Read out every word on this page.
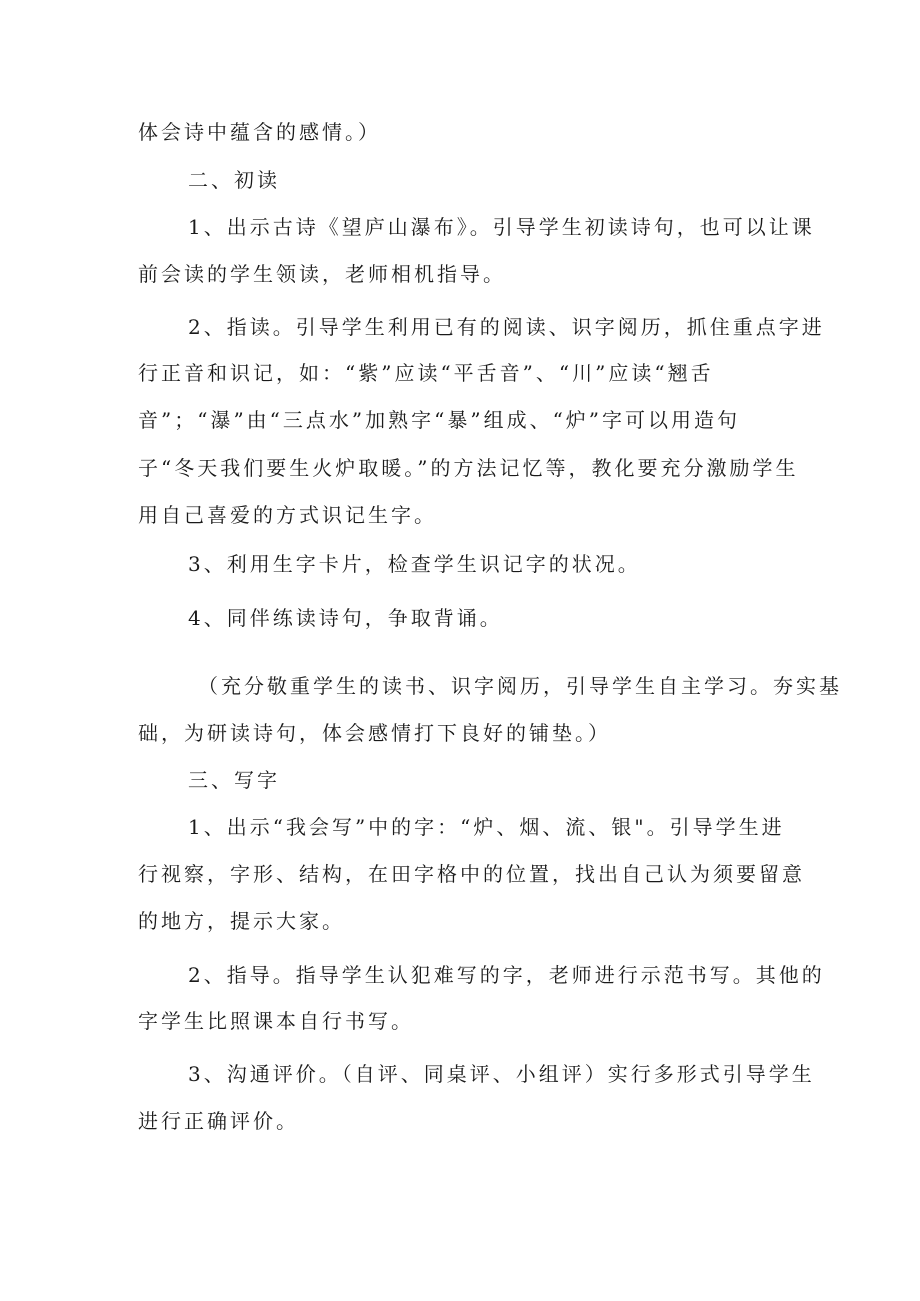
体会诗中蕴含的感情。）
二、初读
1、出示古诗《望庐山瀑布》。引导学生初读诗句，也可以让课
前会读的学生领读，老师相机指导。
2、指读。引导学生利用已有的阅读、识字阅历，抓住重点字进
行正音和识记，如：“紫”应读“平舌音”、“川”应读“翘舌
音”；“瀑”由“三点水”加熟字“暴”组成、“炉”字可以用造句
子“冬天我们要生火炉取暖。”的方法记忆等，教化要充分激励学生
用自己喜爱的方式识记生字。
3、利用生字卡片，检查学生识记字的状况。
4、同伴练读诗句，争取背诵。
（充分敬重学生的读书、识字阅历，引导学生自主学习。夯实基
础，为研读诗句，体会感情打下良好的铺垫。）
三、写字
1、出示“我会写”中的字：“炉、烟、流、银"。引导学生进
行视察，字形、结构，在田字格中的位置，找出自己认为须要留意
的地方，提示大家。
2、指导。指导学生认犯难写的字，老师进行示范书写。其他的
字学生比照课本自行书写。
3、沟通评价。（自评、同桌评、小组评）实行多形式引导学生
进行正确评价。
